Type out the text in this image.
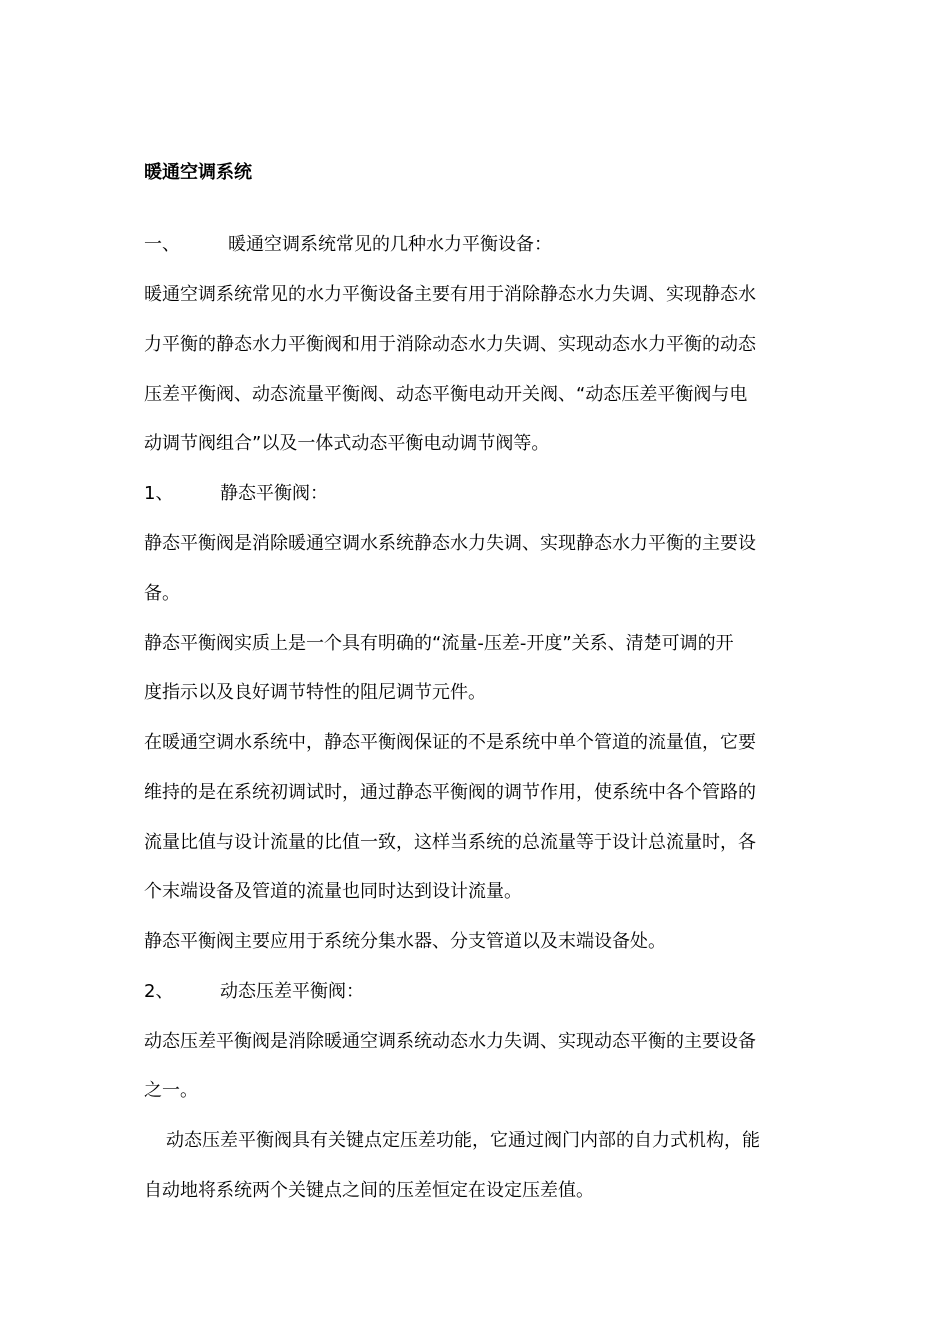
暖通空调系统
一、	暖通空调系统常见的几种水力平衡设备：
暖通空调系统常见的水力平衡设备主要有用于消除静态水力失调、实现静态水
力平衡的静态水力平衡阀和用于消除动态水力失调、实现动态水力平衡的动态
压差平衡阀、动态流量平衡阀、动态平衡电动开关阀、“动态压差平衡阀与电
动调节阀组合”以及一体式动态平衡电动调节阀等。
1、	静态平衡阀：
静态平衡阀是消除暖通空调水系统静态水力失调、实现静态水力平衡的主要设
备。
静态平衡阀实质上是一个具有明确的“流量-压差-开度”关系、清楚可调的开
度指示以及良好调节特性的阻尼调节元件。
在暖通空调水系统中，静态平衡阀保证的不是系统中单个管道的流量值，它要
维持的是在系统初调试时，通过静态平衡阀的调节作用，使系统中各个管路的
流量比值与设计流量的比值一致，这样当系统的总流量等于设计总流量时，各
个末端设备及管道的流量也同时达到设计流量。
静态平衡阀主要应用于系统分集水器、分支管道以及末端设备处。
2、	动态压差平衡阀：
动态压差平衡阀是消除暖通空调系统动态水力失调、实现动态平衡的主要设备
之一。
动态压差平衡阀具有关键点定压差功能，它通过阀门内部的自力式机构，能
自动地将系统两个关键点之间的压差恒定在设定压差值。
